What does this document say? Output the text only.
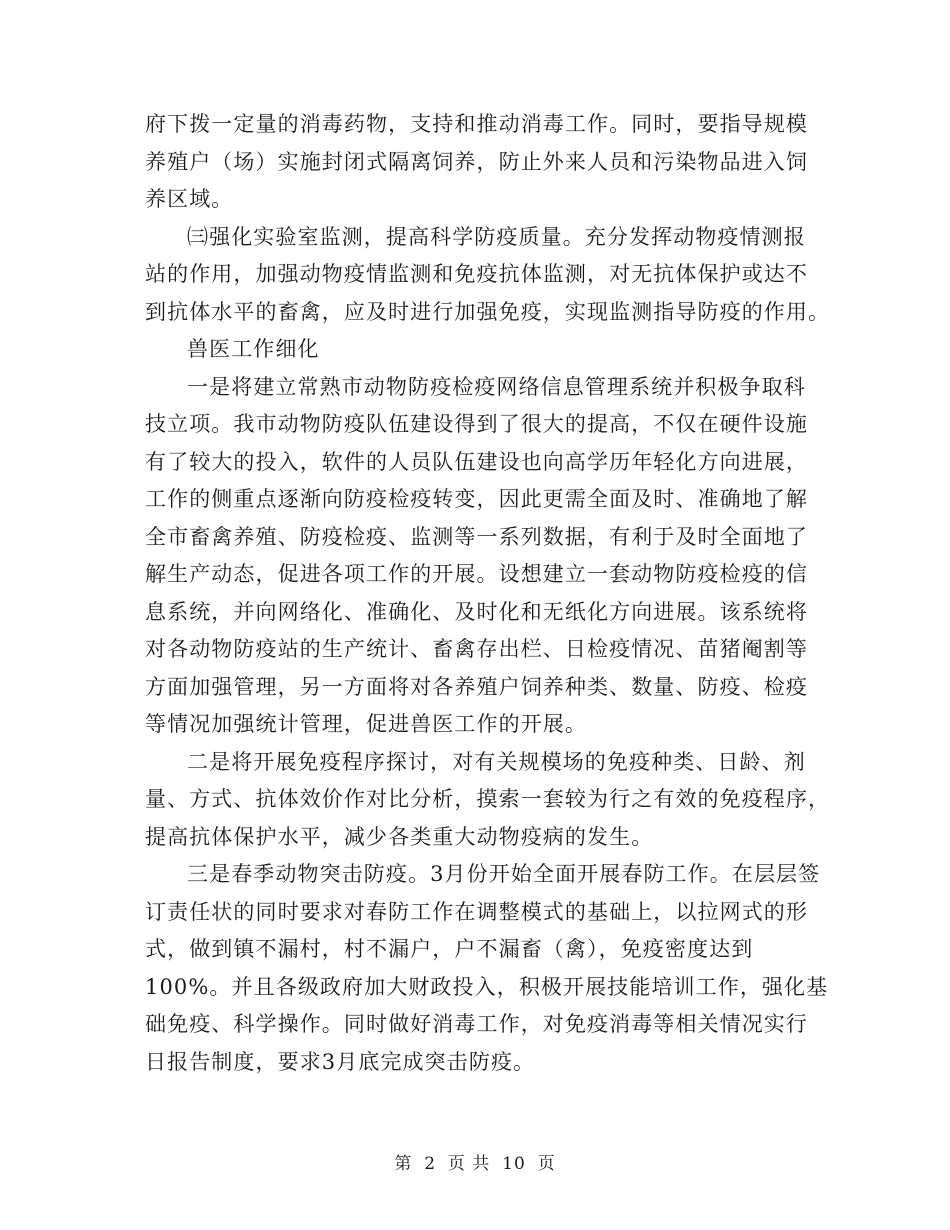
府下拨一定量的消毒药物，支持和推动消毒工作。同时，要指导规模
养殖户（场）实施封闭式隔离饲养，防止外来人员和污染物品进入饲
养区域。
㈢强化实验室监测，提高科学防疫质量。充分发挥动物疫情测报
站的作用，加强动物疫情监测和免疫抗体监测，对无抗体保护或达不
到抗体水平的畜禽，应及时进行加强免疫，实现监测指导防疫的作用。
兽医工作细化
一是将建立常熟市动物防疫检疫网络信息管理系统并积极争取科
技立项。我市动物防疫队伍建设得到了很大的提高，不仅在硬件设施
有了较大的投入，软件的人员队伍建设也向高学历年轻化方向进展，
工作的侧重点逐渐向防疫检疫转变，因此更需全面及时、准确地了解
全市畜禽养殖、防疫检疫、监测等一系列数据，有利于及时全面地了
解生产动态，促进各项工作的开展。设想建立一套动物防疫检疫的信
息系统，并向网络化、准确化、及时化和无纸化方向进展。该系统将
对各动物防疫站的生产统计、畜禽存出栏、日检疫情况、苗猪阉割等
方面加强管理，另一方面将对各养殖户饲养种类、数量、防疫、检疫
等情况加强统计管理，促进兽医工作的开展。
二是将开展免疫程序探讨，对有关规模场的免疫种类、日龄、剂
量、方式、抗体效价作对比分析，摸索一套较为行之有效的免疫程序，
提高抗体保护水平，减少各类重大动物疫病的发生。
三是春季动物突击防疫。3月份开始全面开展春防工作。在层层签
订责任状的同时要求对春防工作在调整模式的基础上，以拉网式的形
式，做到镇不漏村，村不漏户，户不漏畜（禽），免疫密度达到
100%。并且各级政府加大财政投入，积极开展技能培训工作，强化基
础免疫、科学操作。同时做好消毒工作，对免疫消毒等相关情况实行
日报告制度，要求3月底完成突击防疫。
第 2 页 共 10 页
